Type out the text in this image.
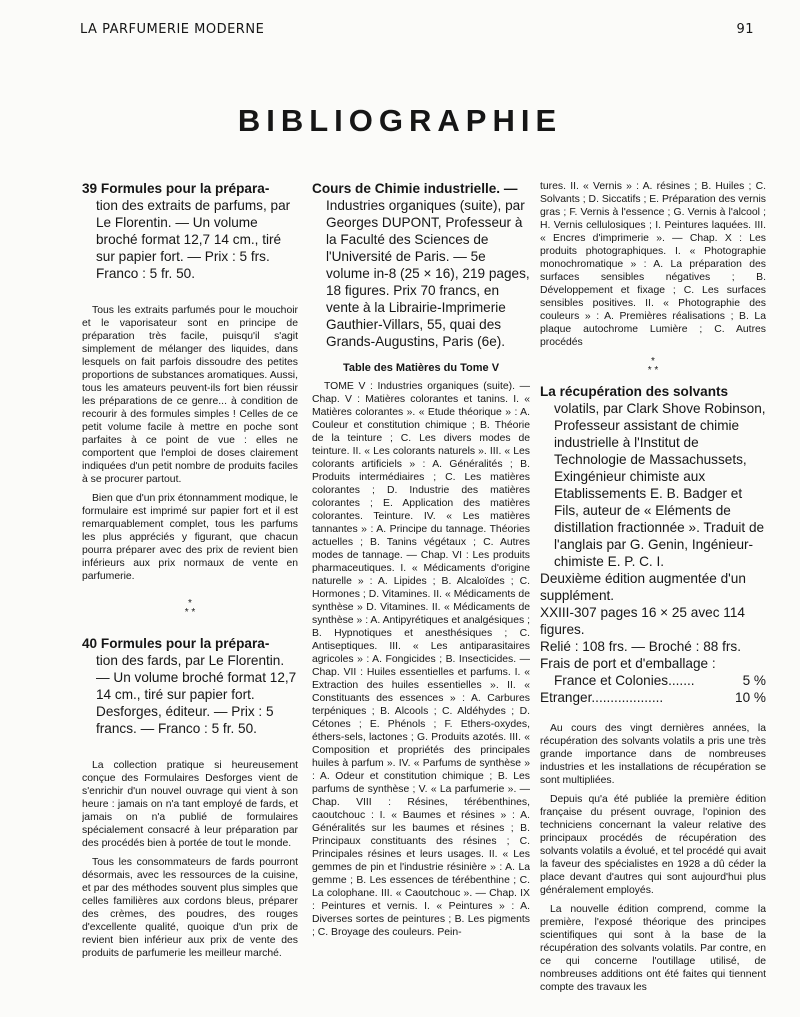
LA PARFUMERIE MODERNE	91
BIBLIOGRAPHIE
39 Formules pour la prépara-
tion des extraits de parfums, par Le Florentin. — Un volume broché format 12,7 14 cm., tiré sur papier fort. — Prix : 5 frs. Franco : 5 fr. 50.

Tous les extraits parfumés pour le mouchoir et le vaporisateur sont en principe de préparation très facile, puisqu'il s'agit simplement de mélanger des liquides, dans lesquels on fait parfois dissoudre des petites proportions de substances aromatiques. Aussi, tous les amateurs peuvent-ils fort bien réussir les préparations de ce genre... à condition de recourir à des formules simples ! Celles de ce petit volume facile à mettre en poche sont parfaites à ce point de vue : elles ne comportent que l'emploi de doses clairement indiquées d'un petit nombre de produits faciles à se procurer partout.

Bien que d'un prix étonnamment modique, le formulaire est imprimé sur papier fort et il est remarquablement complet, tous les parfums les plus appréciés y figurant, que chacun pourra préparer avec des prix de revient bien inférieurs aux prix normaux de vente en parfumerie.

*
* *
40 Formules pour la prépara-
tion des fards, par Le Florentin. — Un volume broché format 12,7 14 cm., tiré sur papier fort. Desforges, éditeur. — Prix : 5 francs. — Franco : 5 fr. 50.

La collection pratique si heureusement conçue des Formulaires Desforges vient de s'enrichir d'un nouvel ouvrage qui vient à son heure : jamais on n'a tant employé de fards, et jamais on n'a publié de formulaires spécialement consacré à leur préparation par des procédés bien à portée de tout le monde.

Tous les consommateurs de fards pourront désormais, avec les ressources de la cuisine, et par des méthodes souvent plus simples que celles familières aux cordons bleus, préparer des crèmes, des poudres, des rouges d'excellente qualité, quoique d'un prix de revient bien inférieur aux prix de vente des produits de parfumerie les meilleur marché.

Cours de Chimie industrielle. —
Industries organiques (suite), par Georges DUPONT, Professeur à la Faculté des Sciences de l'Université de Paris. — 5e volume in-8 (25 × 16), 219 pages, 18 figures. Prix 70 francs, en vente à la Librairie-Imprimerie Gauthier-Villars, 55, quai des Grands-Augustins, Paris (6e).
Table des Matières du Tome V
TOME V : Industries organiques (suite). — Chap. V : Matières colorantes et tanins. I. « Matières colorantes ». « Etude théorique » : A. Couleur et constitution chimique ; B. Théorie de la teinture ; C. Les divers modes de teinture. II. « Les colorants naturels ». III. « Les colorants artificiels » : A. Généralités ; B. Produits intermédiaires ; C. Les matières colorantes ; D. Industrie des matières colorantes ; E. Application des matières colorantes. Teinture. IV. « Les matières tannantes » : A. Principe du tannage. Théories actuelles ; B. Tanins végétaux ; C. Autres modes de tannage. — Chap. VI : Les produits pharmaceutiques. I. « Médicaments d'origine naturelle » : A. Lipides ; B. Alcaloïdes ; C. Hormones ; D. Vitamines. II. « Médicaments de synthèse » D. Vitamines. II. « Médicaments de synthèse » : A. Antipyrétiques et analgésiques ; B. Hypnotiques et anesthésiques ; C. Antiseptiques. III. « Les antiparasitaires agricoles » : A. Fongicides ; B. Insecticides. — Chap. VII : Huiles essentielles et parfums. I. « Extraction des huiles essentielles ». II. « Constituants des essences » : A. Carbures terpéniques ; B. Alcools ; C. Aldéhydes ; D. Cétones ; E. Phénols ; F. Ethers-oxydes, éthers-sels, lactones ; G. Produits azotés. III. « Composition et propriétés des principales huiles à parfum ». IV. « Parfums de synthèse » : A. Odeur et constitution chimique ; B. Les parfums de synthèse ; V. « La parfumerie ». — Chap. VIII : Résines, térébenthines, caoutchouc : I. « Baumes et résines » : A. Généralités sur les baumes et résines ; B. Principaux constituants des résines ; C. Principales résines et leurs usages. II. « Les gemmes de pin et l'industrie résinière » : A. La gemme ; B. Les essences de térébenthine ; C. La colophane. III. « Caoutchouc ». — Chap. IX : Peintures et vernis. I. « Peintures » : A. Diverses sortes de peintures ; B. Les pigments ; C. Broyage des couleurs. Pein-
tures. II. « Vernis » : A. résines ; B. Huiles ; C. Solvants ; D. Siccatifs ; E. Préparation des vernis gras ; F. Vernis à l'essence ; G. Vernis à l'alcool ; H. Vernis cellulosiques ; I. Peintures laquées. III. « Encres d'imprimerie ». — Chap. X : Les produits photographiques. I. « Photographie monochromatique » : A. La préparation des surfaces sensibles négatives ; B. Développement et fixage ; C. Les surfaces sensibles positives. II. « Photographie des couleurs » : A. Premières réalisations ; B. La plaque autochrome Lumière ; C. Autres procédés
*
* *
La récupération des solvants
volatils, par Clark Shove Robinson, Professeur assistant de chimie industrielle à l'Institut de Technologie de Massachussets, Exingénieur chimiste aux Etablissements E. B. Badger et Fils, auteur de « Eléments de distillation fractionnée ». Traduit de l'anglais par G. Genin, Ingénieur-chimiste E. P. C. I.
Deuxième édition augmentée d'un supplément.
XXIII-307 pages 16 × 25 avec 114 figures.
Relié : 108 frs. — Broché : 88 frs.
Frais de port et d'emballage :
France et Colonies.......	5 %
Etranger...................	10 %

Au cours des vingt dernières années, la récupération des solvants volatils a pris une très grande importance dans de nombreuses industries et les installations de récupération se sont multipliées.

Depuis qu'a été publiée la première édition française du présent ouvrage, l'opinion des techniciens concernant la valeur relative des principaux procédés de récupération des solvants volatils a évolué, et tel procédé qui avait la faveur des spécialistes en 1928 a dû céder la place devant d'autres qui sont aujourd'hui plus généralement employés.

La nouvelle édition comprend, comme la première, l'exposé théorique des principes scientifiques qui sont à la base de la récupération des solvants volatils. Par contre, en ce qui concerne l'outillage utilisé, de nombreuses additions ont été faites qui tiennent compte des travaux les
